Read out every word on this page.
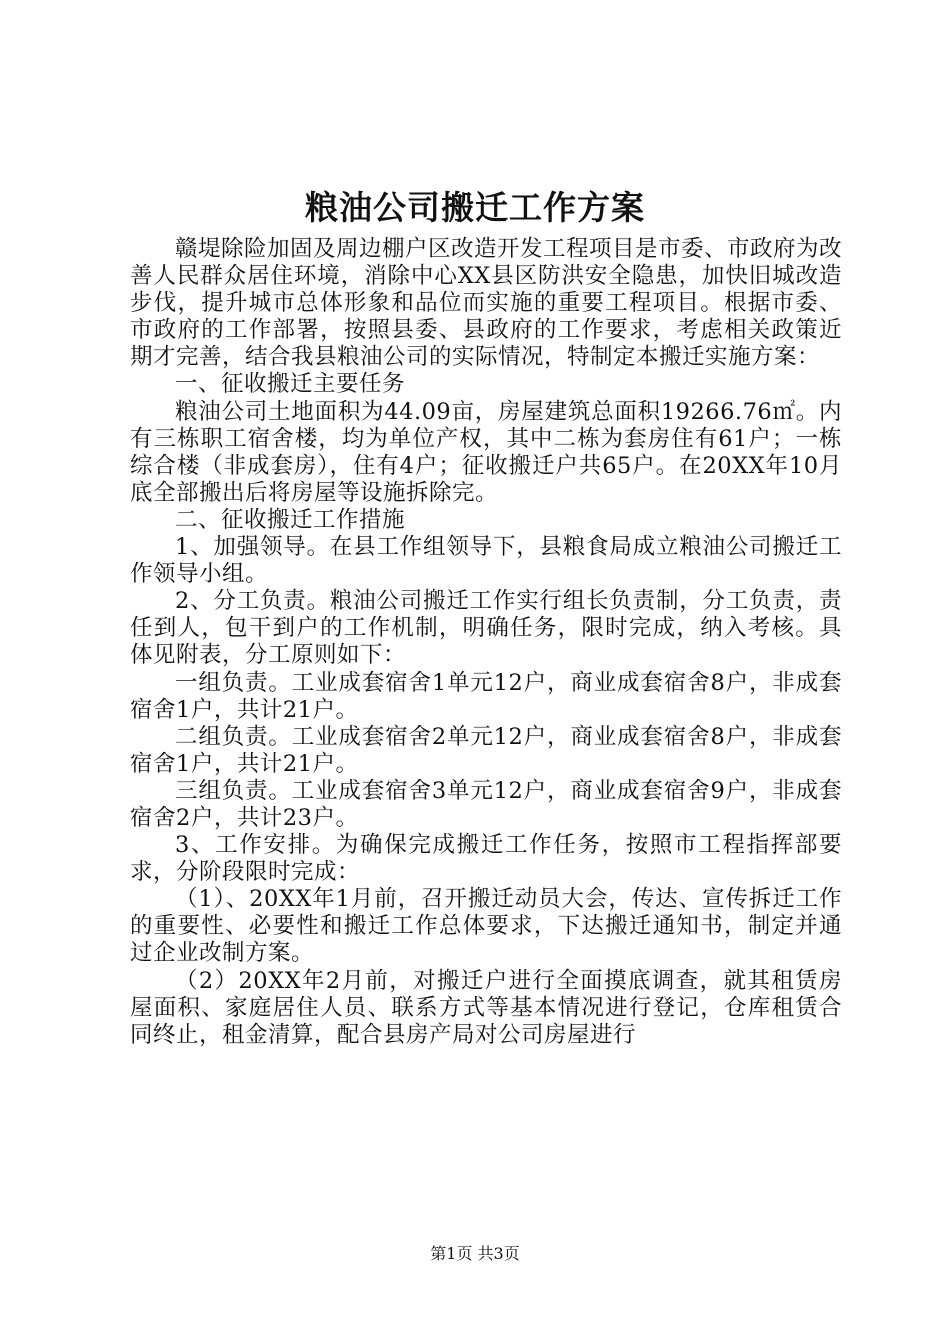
粮油公司搬迁工作方案

赣堤除险加固及周边棚户区改造开发工程项目是市委、市政府为改善人民群众居住环境，消除中心XX县区防洪安全隐患，加快旧城改造步伐，提升城市总体形象和品位而实施的重要工程项目。根据市委、市政府的工作部署，按照县委、县政府的工作要求，考虑相关政策近期才完善，结合我县粮油公司的实际情况，特制定本搬迁实施方案：

一、征收搬迁主要任务

粮油公司土地面积为44.09亩，房屋建筑总面积19266.76㎡。内有三栋职工宿舍楼，均为单位产权，其中二栋为套房住有61户；一栋综合楼（非成套房），住有4户；征收搬迁户共65户。在20XX年10月底全部搬出后将房屋等设施拆除完。

二、征收搬迁工作措施

1、加强领导。在县工作组领导下，县粮食局成立粮油公司搬迁工作领导小组。

2、分工负责。粮油公司搬迁工作实行组长负责制，分工负责，责任到人，包干到户的工作机制，明确任务，限时完成，纳入考核。具体见附表，分工原则如下：

一组负责。工业成套宿舍1单元12户，商业成套宿舍8户，非成套宿舍1户，共计21户。

二组负责。工业成套宿舍2单元12户，商业成套宿舍8户，非成套宿舍1户，共计21户。

三组负责。工业成套宿舍3单元12户，商业成套宿舍9户，非成套宿舍2户，共计23户。

3、工作安排。为确保完成搬迁工作任务，按照市工程指挥部要求，分阶段限时完成：

（1）、20XX年1月前，召开搬迁动员大会，传达、宣传拆迁工作的重要性、必要性和搬迁工作总体要求，下达搬迁通知书，制定并通过企业改制方案。

（2）20XX年2月前，对搬迁户进行全面摸底调查，就其租赁房屋面积、家庭居住人员、联系方式等基本情况进行登记，仓库租赁合同终止，租金清算，配合县房产局对公司房屋进行

第1页 共3页
